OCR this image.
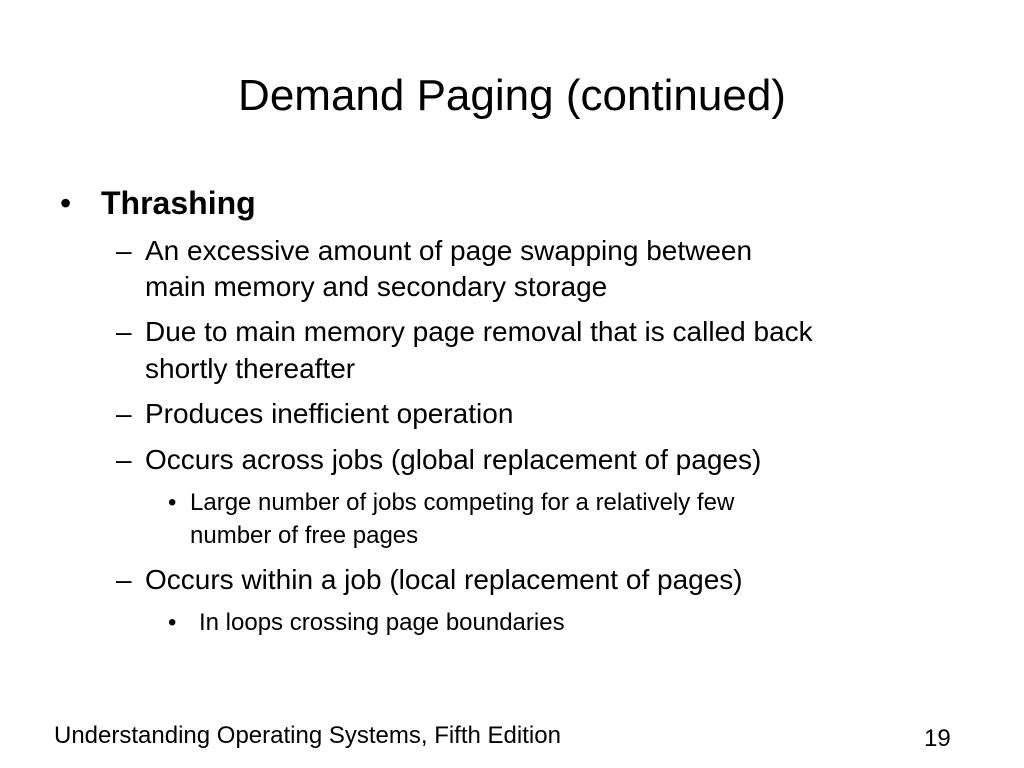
Demand Paging (continued)
• Thrashing
– An excessive amount of page swapping between
main memory and secondary storage
– Due to main memory page removal that is called back
shortly thereafter
– Produces inefficient operation
– Occurs across jobs (global replacement of pages)
• Large number of jobs competing for a relatively few
number of free pages
– Occurs within a job (local replacement of pages)
• In loops crossing page boundaries
Understanding Operating Systems, Fifth Edition	19
